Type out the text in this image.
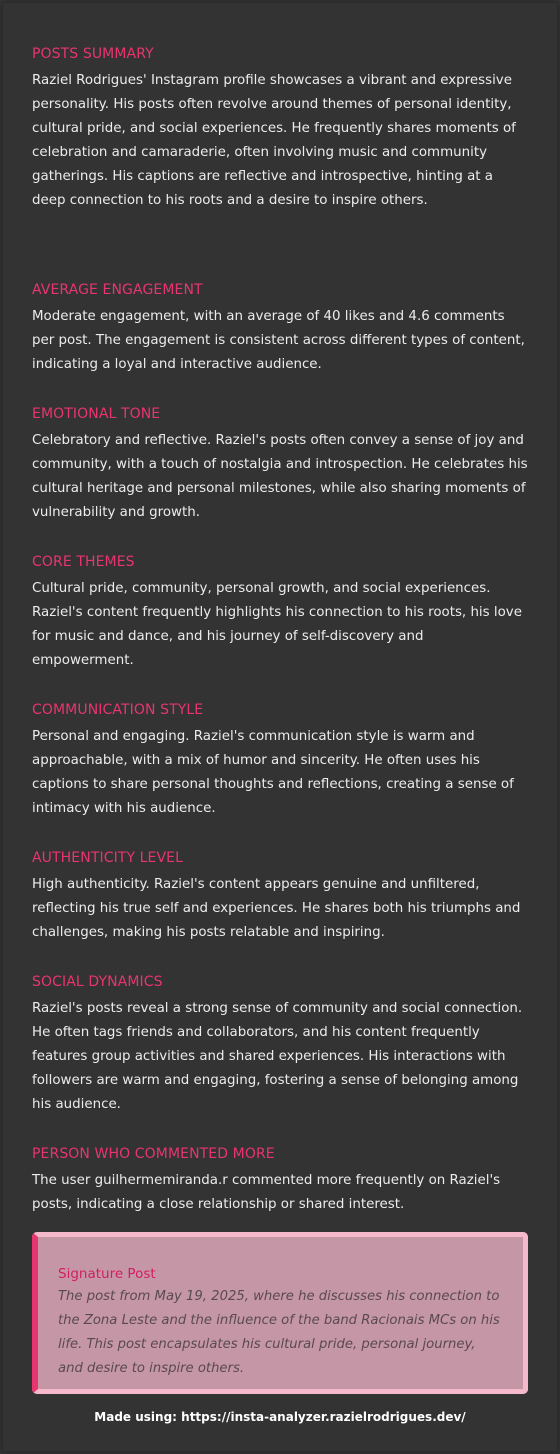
POSTS SUMMARY

Raziel Rodrigues' Instagram profile showcases a vibrant and expressive personality. His posts often revolve around themes of personal identity, cultural pride, and social experiences. He frequently shares moments of celebration and camaraderie, often involving music and community gatherings. His captions are reflective and introspective, hinting at a deep connection to his roots and a desire to inspire others.

AVERAGE ENGAGEMENT

Moderate engagement, with an average of 40 likes and 4.6 comments per post. The engagement is consistent across different types of content, indicating a loyal and interactive audience.

EMOTIONAL TONE

Celebratory and reflective. Raziel's posts often convey a sense of joy and community, with a touch of nostalgia and introspection. He celebrates his cultural heritage and personal milestones, while also sharing moments of vulnerability and growth.

CORE THEMES

Cultural pride, community, personal growth, and social experiences. Raziel's content frequently highlights his connection to his roots, his love for music and dance, and his journey of self-discovery and empowerment.

COMMUNICATION STYLE

Personal and engaging. Raziel's communication style is warm and approachable, with a mix of humor and sincerity. He often uses his captions to share personal thoughts and reflections, creating a sense of intimacy with his audience.

AUTHENTICITY LEVEL

High authenticity. Raziel's content appears genuine and unfiltered, reflecting his true self and experiences. He shares both his triumphs and challenges, making his posts relatable and inspiring.

SOCIAL DYNAMICS

Raziel's posts reveal a strong sense of community and social connection. He often tags friends and collaborators, and his content frequently features group activities and shared experiences. His interactions with followers are warm and engaging, fostering a sense of belonging among his audience.

PERSON WHO COMMENTED MORE

The user guilhermemiranda.r commented more frequently on Raziel's posts, indicating a close relationship or shared interest.

Signature Post

The post from May 19, 2025, where he discusses his connection to the Zona Leste and the influence of the band Racionais MCs on his life. This post encapsulates his cultural pride, personal journey, and desire to inspire others.

Made using: https://insta-analyzer.razielrodrigues.dev/
